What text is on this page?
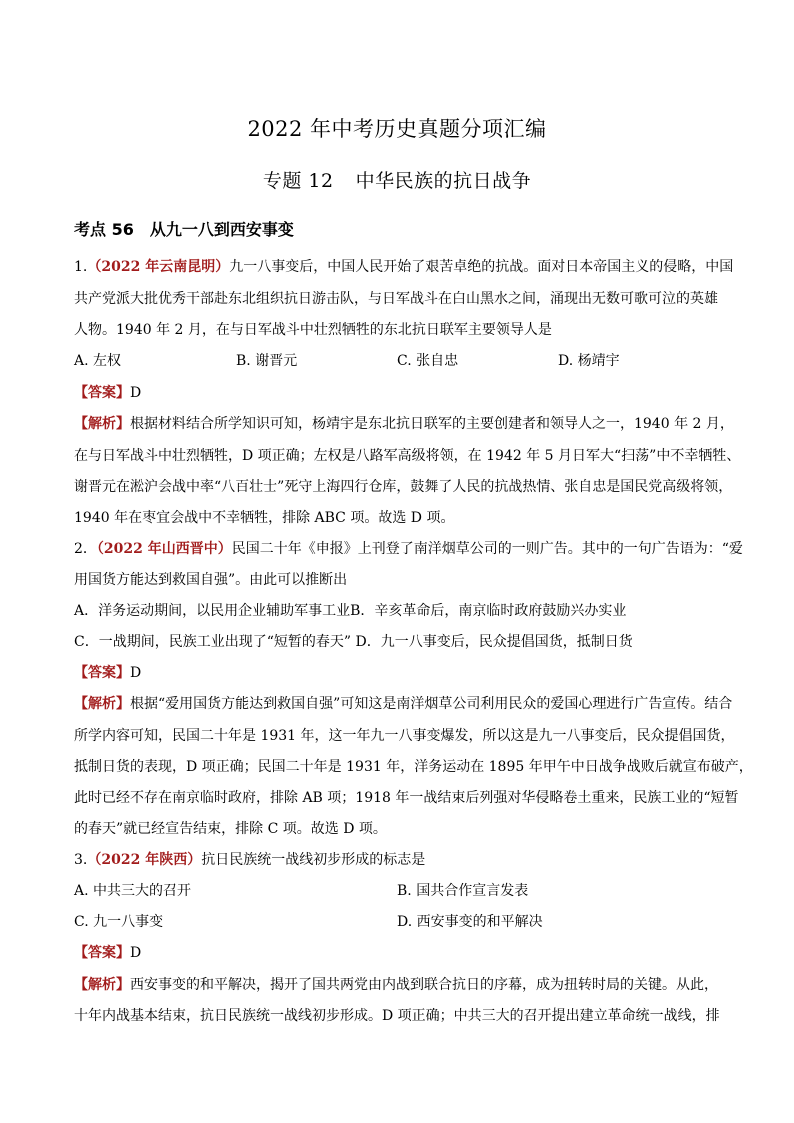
2022 年中考历史真题分项汇编
专题 12 中华民族的抗日战争
考点 56 从九一八到西安事变
1.（2022 年云南昆明）九一八事变后，中国人民开始了艰苦卓绝的抗战。面对日本帝国主义的侵略，中国
共产党派大批优秀干部赴东北组织抗日游击队，与日军战斗在白山黑水之间，涌现出无数可歌可泣的英雄
人物。1940 年 2 月，在与日军战斗中壮烈牺牲的东北抗日联军主要领导人是
A. 左权	B. 谢晋元	C. 张自忠	D. 杨靖宇
【答案】D
【解析】根据材料结合所学知识可知，杨靖宇是东北抗日联军的主要创建者和领导人之一，1940 年 2 月，
在与日军战斗中壮烈牺牲，D 项正确；左权是八路军高级将领，在 1942 年 5 月日军大“扫荡”中不幸牺牲、
谢晋元在淞沪会战中率“八百壮士”死守上海四行仓库，鼓舞了人民的抗战热情、张自忠是国民党高级将领，
1940 年在枣宜会战中不幸牺牲，排除 ABC 项。故选 D 项。
2．（2022 年山西晋中）民国二十年《申报》上刊登了南洋烟草公司的一则广告。其中的一句广告语为：“爱
用国货方能达到救国自强”。由此可以推断出
A．洋务运动期间，以民用企业辅助军事工业B．辛亥革命后，南京临时政府鼓励兴办实业
C．一战期间，民族工业出现了“短暂的春天” D．九一八事变后，民众提倡国货，抵制日货
【答案】D
【解析】根据“爱用国货方能达到救国自强”可知这是南洋烟草公司利用民众的爱国心理进行广告宣传。结合
所学内容可知，民国二十年是 1931 年，这一年九一八事变爆发，所以这是九一八事变后，民众提倡国货，
抵制日货的表现，D 项正确；民国二十年是 1931 年，洋务运动在 1895 年甲午中日战争战败后就宣布破产，
此时已经不存在南京临时政府，排除 AB 项；1918 年一战结束后列强对华侵略卷土重来，民族工业的“短暂
的春天”就已经宣告结束，排除 C 项。故选 D 项。
3.（2022 年陕西）抗日民族统一战线初步形成的标志是
A. 中共三大的召开	B. 国共合作宣言发表
C. 九一八事变	D. 西安事变的和平解决
【答案】D
【解析】西安事变的和平解决，揭开了国共两党由内战到联合抗日的序幕，成为扭转时局的关键。从此，
十年内战基本结束，抗日民族统一战线初步形成。D 项正确；中共三大的召开提出建立革命统一战线，排
